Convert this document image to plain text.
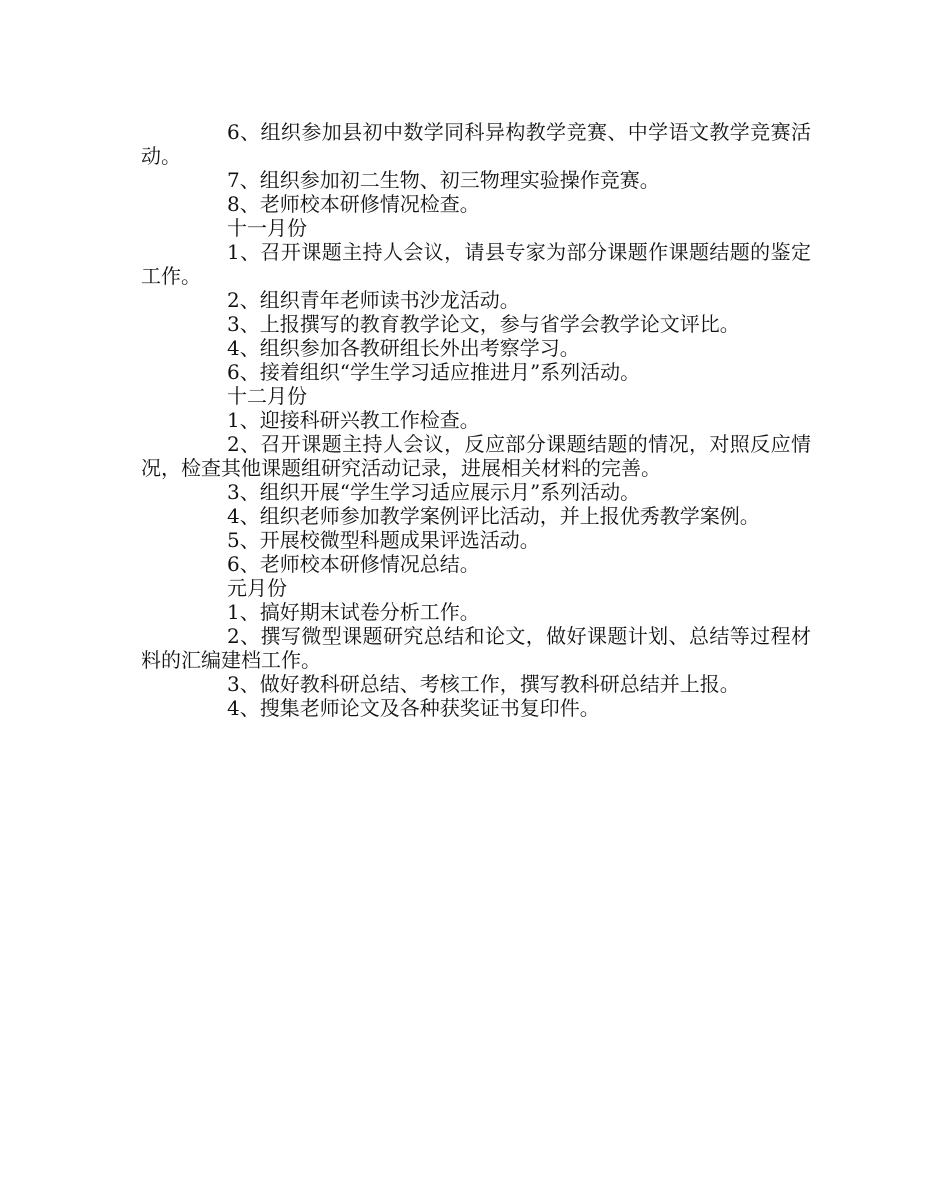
6、组织参加县初中数学同科异构教学竞赛、中学语文教学竞赛活动。

7、组织参加初二生物、初三物理实验操作竞赛。

8、老师校本研修情况检查。

十一月份

1、召开课题主持人会议，请县专家为部分课题作课题结题的鉴定工作。

2、组织青年老师读书沙龙活动。

3、上报撰写的教育教学论文，参与省学会教学论文评比。

4、组织参加各教研组长外出考察学习。

6、接着组织“学生学习适应推进月”系列活动。

十二月份

1、迎接科研兴教工作检查。

2、召开课题主持人会议，反应部分课题结题的情况，对照反应情况，检查其他课题组研究活动记录，进展相关材料的完善。

3、组织开展“学生学习适应展示月”系列活动。

4、组织老师参加教学案例评比活动，并上报优秀教学案例。

5、开展校微型科题成果评选活动。

6、老师校本研修情况总结。

元月份

1、搞好期末试卷分析工作。

2、撰写微型课题研究总结和论文，做好课题计划、总结等过程材料的汇编建档工作。

3、做好教科研总结、考核工作，撰写教科研总结并上报。

4、搜集老师论文及各种获奖证书复印件。
